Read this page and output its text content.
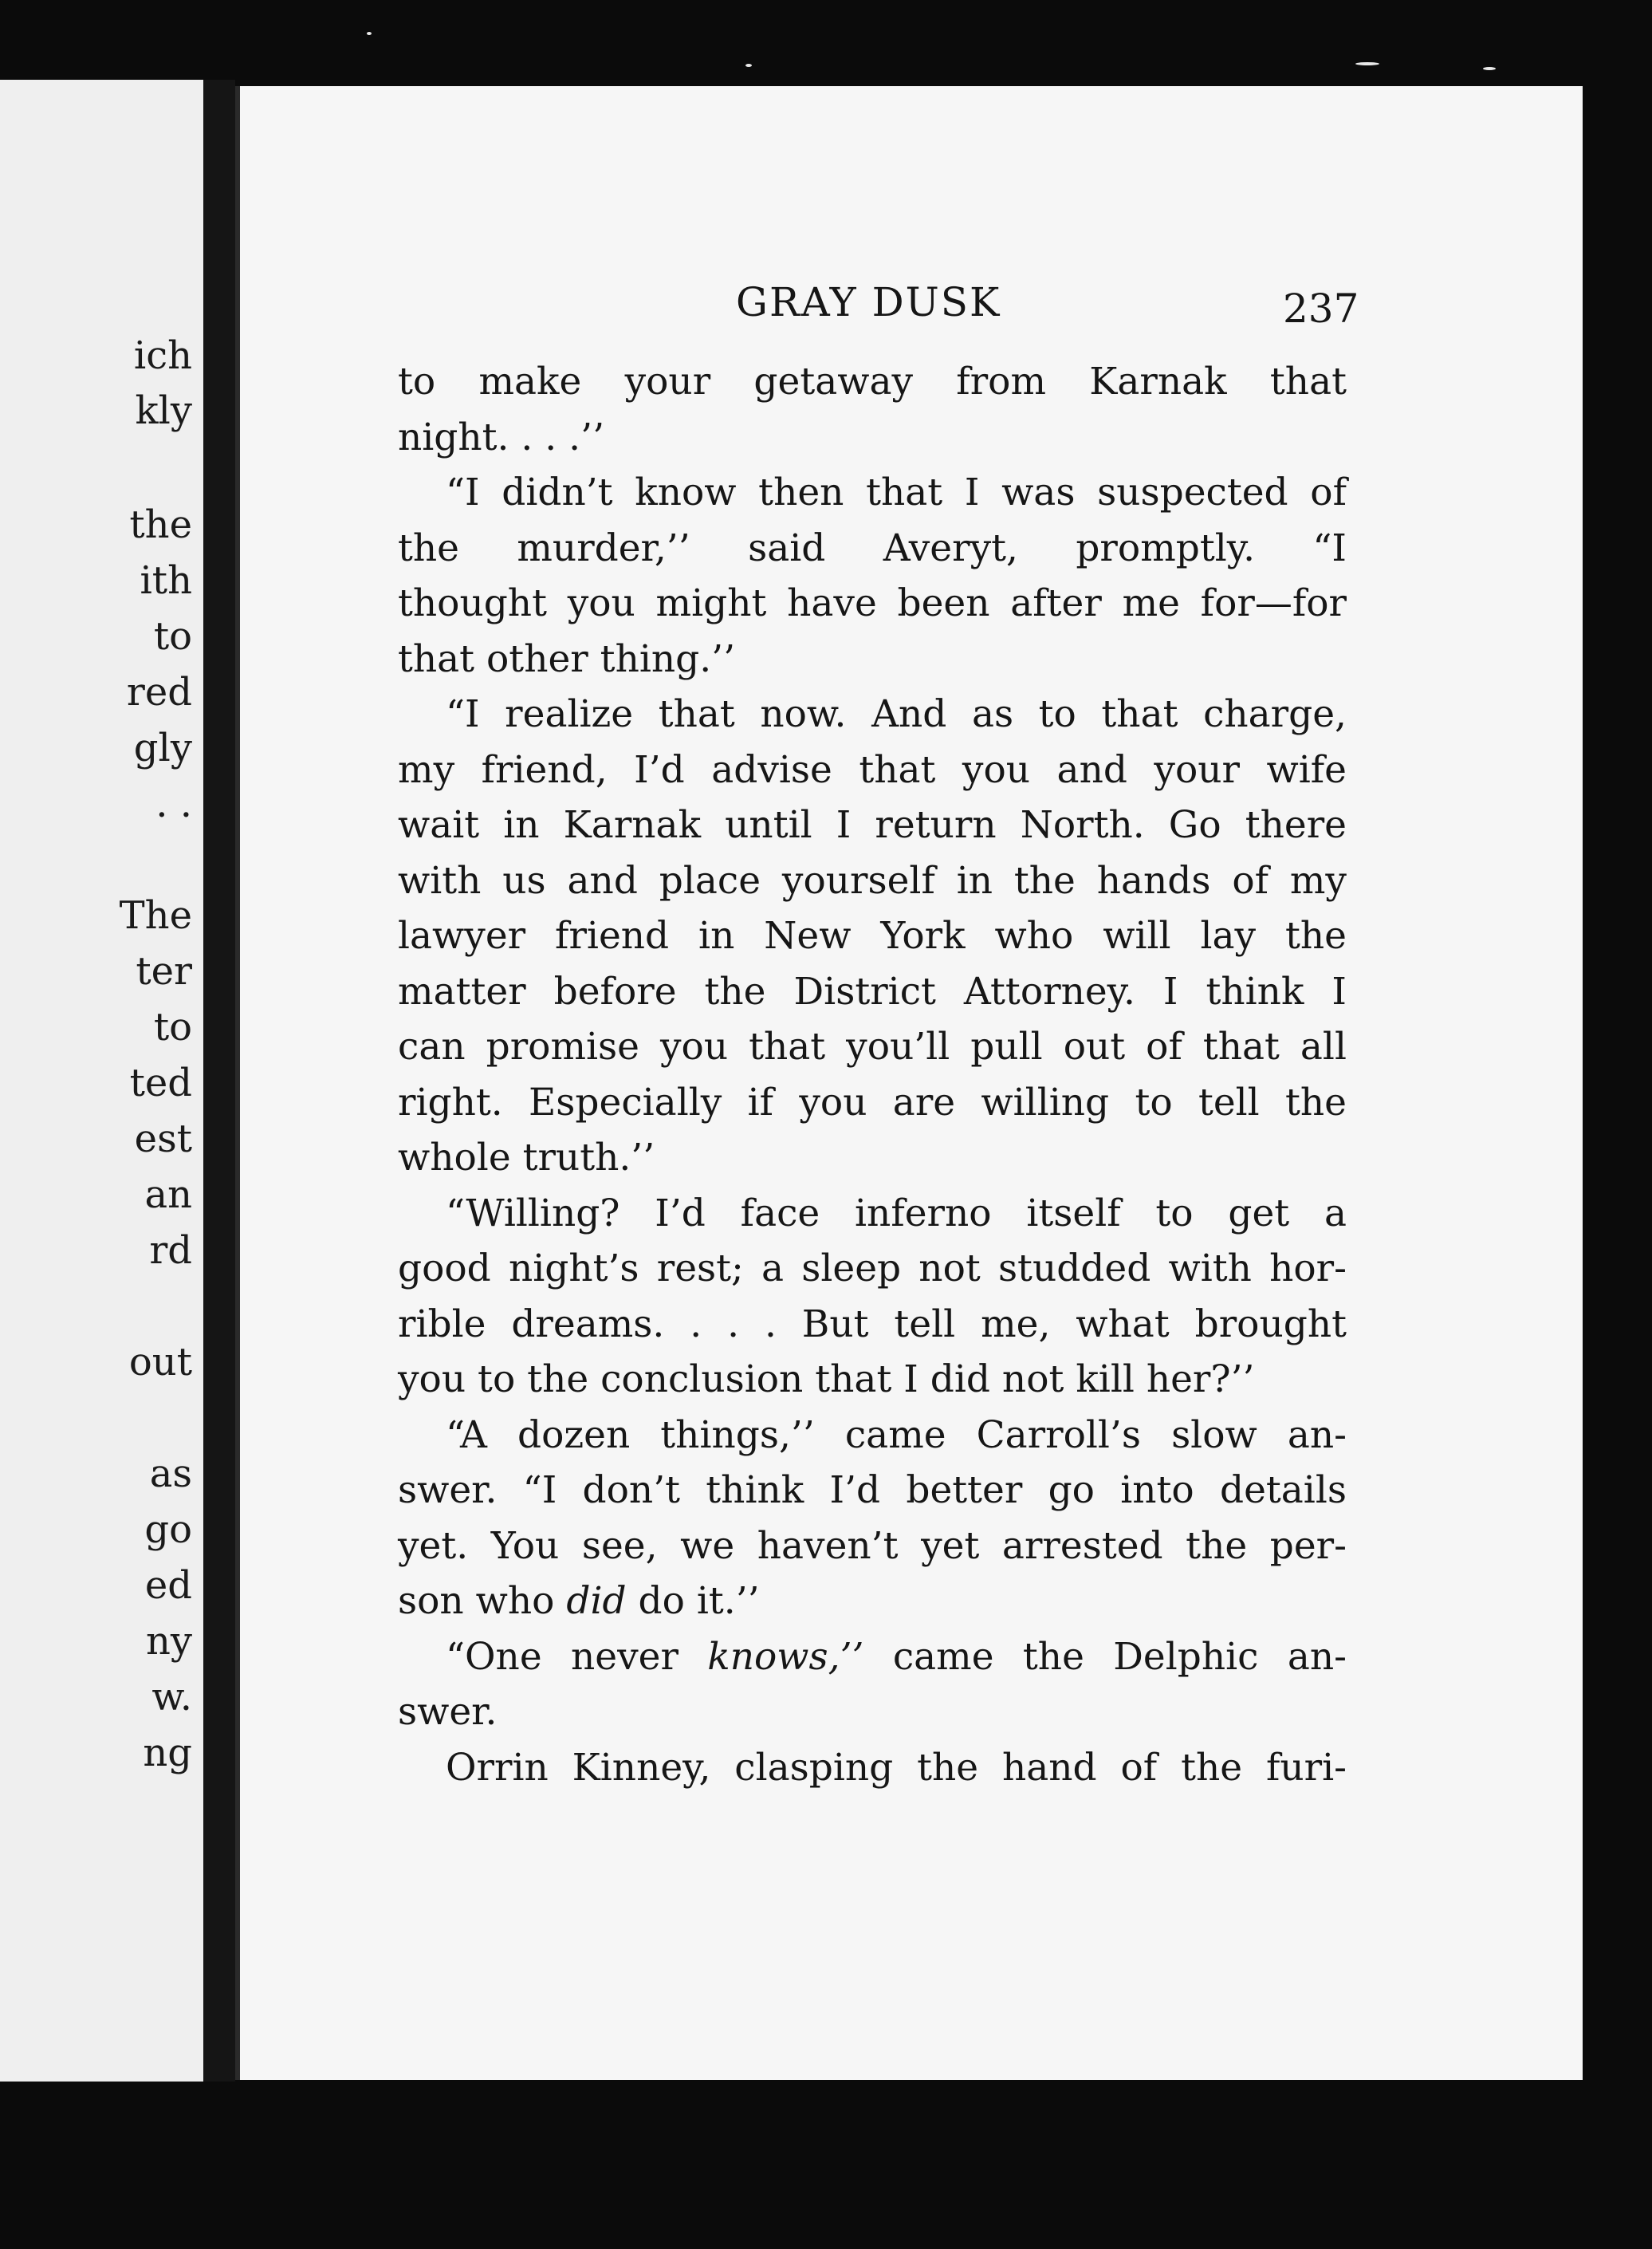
ich
kly
the
ith
to
red
gly
. .
The
ter
to
ted
est
an
rd
out
as
go
ed
ny
w.
ng
GRAY DUSK	237
to make your getaway from Karnak that
night. . . .’’
“I didn’t know then that I was suspected of
the murder,’’ said Averyt, promptly. “I
thought you might have been after me for—for
that other thing.’’
“I realize that now. And as to that charge,
my friend, I’d advise that you and your wife
wait in Karnak until I return North. Go there
with us and place yourself in the hands of my
lawyer friend in New York who will lay the
matter before the District Attorney. I think I
can promise you that you’ll pull out of that all
right. Especially if you are willing to tell the
whole truth.’’
“Willing? I’d face inferno itself to get a
good night’s rest; a sleep not studded with hor-
rible dreams. . . . But tell me, what brought
you to the conclusion that I did not kill her?’’
“A dozen things,’’ came Carroll’s slow an-
swer. “I don’t think I’d better go into details
yet. You see, we haven’t yet arrested the per-
son who did do it.’’
“One never knows,’’ came the Delphic an-
swer.
Orrin Kinney, clasping the hand of the furi-
